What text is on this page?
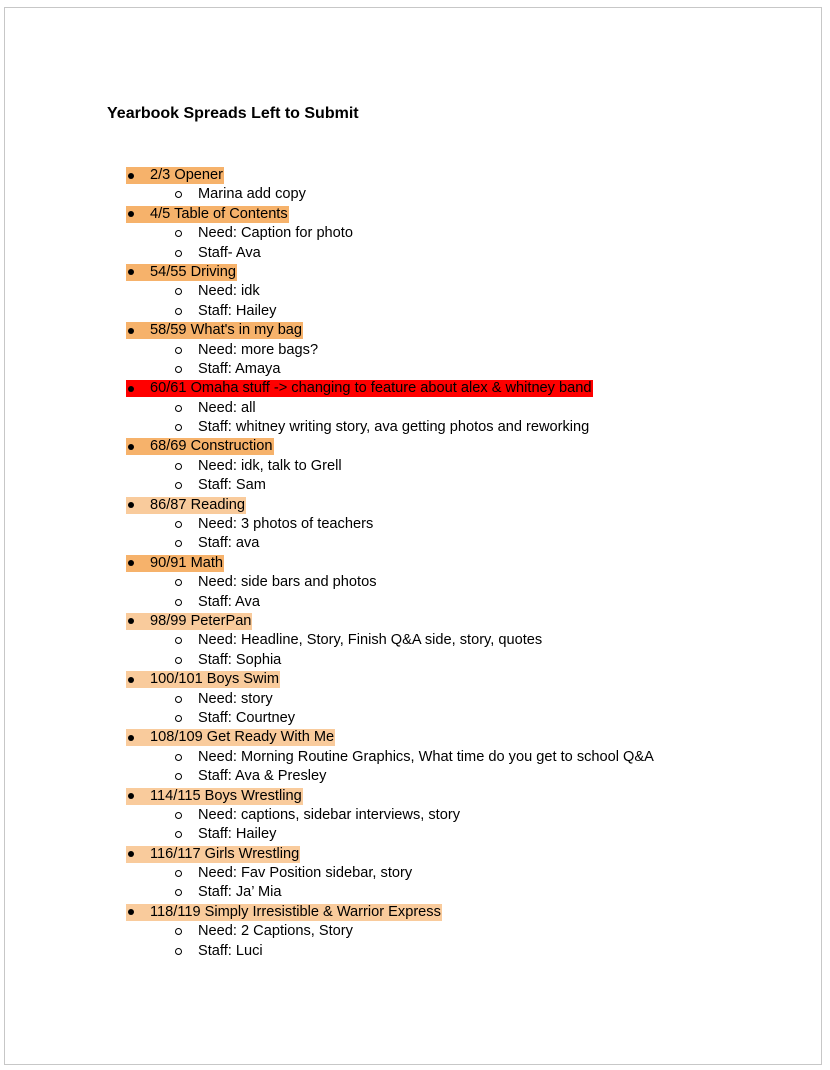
Yearbook Spreads Left to Submit
2/3 Opener
Marina add copy
4/5 Table of Contents
Need: Caption for photo
Staff- Ava
54/55 Driving
Need: idk
Staff: Hailey
58/59 What's in my bag
Need: more bags?
Staff: Amaya
60/61 Omaha stuff -> changing to feature about alex & whitney band
Need: all
Staff: whitney writing story, ava getting photos and reworking
68/69 Construction
Need: idk, talk to Grell
Staff: Sam
86/87 Reading
Need: 3 photos of teachers
Staff: ava
90/91 Math
Need: side bars and photos
Staff: Ava
98/99 PeterPan
Need: Headline, Story, Finish Q&A side, story, quotes
Staff: Sophia
100/101 Boys Swim
Need: story
Staff: Courtney
108/109 Get Ready With Me
Need: Morning Routine Graphics, What time do you get to school Q&A
Staff: Ava & Presley
114/115 Boys Wrestling
Need: captions, sidebar interviews, story
Staff: Hailey
116/117 Girls Wrestling
Need: Fav Position sidebar, story
Staff: Ja’ Mia
118/119 Simply Irresistible & Warrior Express
Need: 2 Captions, Story
Staff: Luci
